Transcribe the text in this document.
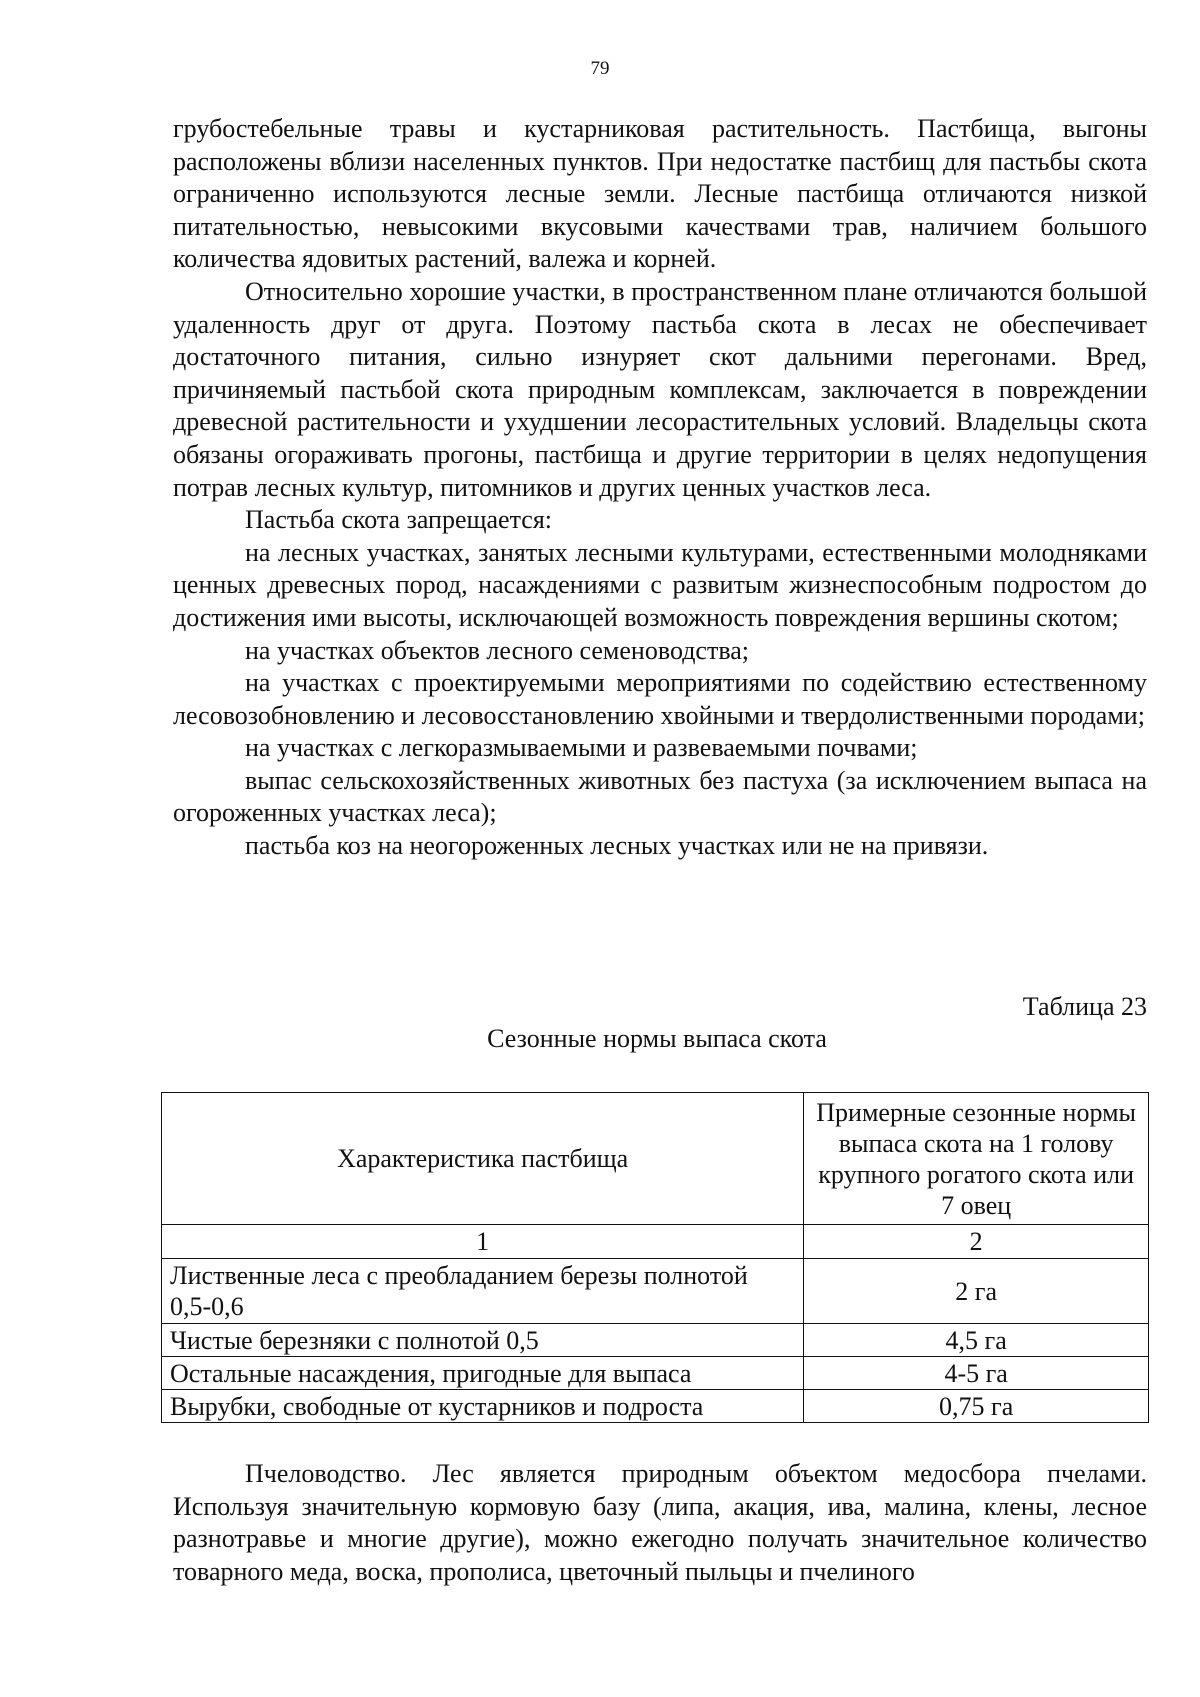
79

грубостебельные травы и кустарниковая растительность. Пастбища, выгоны расположены вблизи населенных пунктов. При недостатке пастбищ для пастьбы скота ограниченно используются лесные земли. Лесные пастбища отличаются низкой питательностью, невысокими вкусовыми качествами трав, наличием большого количества ядовитых растений, валежа и корней.

Относительно хорошие участки, в пространственном плане отличаются большой удаленность друг от друга. Поэтому пастьба скота в лесах не обеспечивает достаточного питания, сильно изнуряет скот дальними перегонами. Вред, причиняемый пастьбой скота природным комплексам, заключается в повреждении древесной растительности и ухудшении лесорастительных условий. Владельцы скота обязаны огораживать прогоны, пастбища и другие территории в целях недопущения потрав лесных культур, питомников и других ценных участков леса.

Пастьба скота запрещается:

на лесных участках, занятых лесными культурами, естественными молодняками ценных древесных пород, насаждениями с развитым жизнеспособным подростом до достижения ими высоты, исключающей возможность повреждения вершины скотом;

на участках объектов лесного семеноводства;

на участках с проектируемыми мероприятиями по содействию естественному лесовозобновлению и лесовосстановлению хвойными и твердолиственными породами;

на участках с легкоразмываемыми и развеваемыми почвами;

выпас сельскохозяйственных животных без пастуха (за исключением выпаса на огороженных участках леса);

пастьба коз на неогороженных лесных участках или не на привязи.

Таблица 23
Сезонные нормы выпаса скота
Характеристика пастбища	Примерные сезонные нормы выпаса скота на 1 голову крупного рогатого скота или 7 овец
1	2
Лиственные леса с преобладанием березы полнотой 0,5-0,6	2 га
Чистые березняки с полнотой 0,5	4,5 га
Остальные насаждения, пригодные для выпаса	4-5 га
Вырубки, свободные от кустарников и подроста	0,75 га

Пчеловодство. Лес является природным объектом медосбора пчелами. Используя значительную кормовую базу (липа, акация, ива, малина, клены, лесное разнотравье и многие другие), можно ежегодно получать значительное количество товарного меда, воска, прополиса, цветочный пыльцы и пчелиного
